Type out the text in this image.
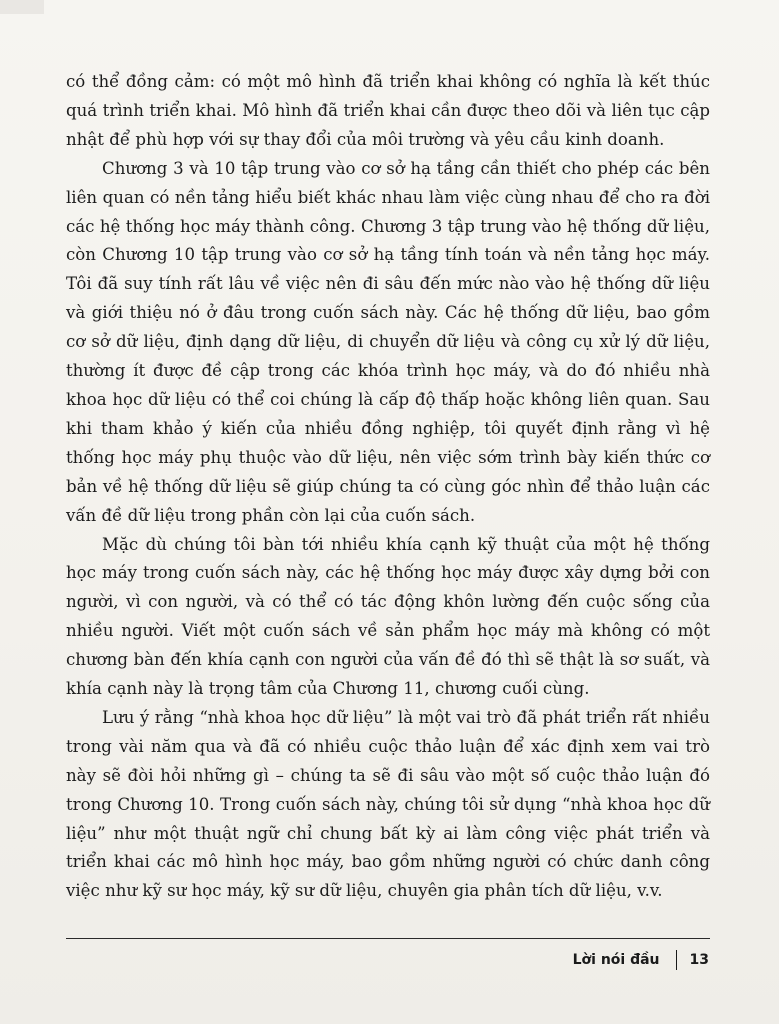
có thể đồng cảm: có một mô hình đã triển khai không có nghĩa là kết thúc quá trình triển khai. Mô hình đã triển khai cần được theo dõi và liên tục cập nhật để phù hợp với sự thay đổi của môi trường và yêu cầu kinh doanh.

Chương 3 và 10 tập trung vào cơ sở hạ tầng cần thiết cho phép các bên liên quan có nền tảng hiểu biết khác nhau làm việc cùng nhau để cho ra đời các hệ thống học máy thành công. Chương 3 tập trung vào hệ thống dữ liệu, còn Chương 10 tập trung vào cơ sở hạ tầng tính toán và nền tảng học máy. Tôi đã suy tính rất lâu về việc nên đi sâu đến mức nào vào hệ thống dữ liệu và giới thiệu nó ở đâu trong cuốn sách này. Các hệ thống dữ liệu, bao gồm cơ sở dữ liệu, định dạng dữ liệu, di chuyển dữ liệu và công cụ xử lý dữ liệu, thường ít được đề cập trong các khóa trình học máy, và do đó nhiều nhà khoa học dữ liệu có thể coi chúng là cấp độ thấp hoặc không liên quan. Sau khi tham khảo ý kiến của nhiều đồng nghiệp, tôi quyết định rằng vì hệ thống học máy phụ thuộc vào dữ liệu, nên việc sớm trình bày kiến thức cơ bản về hệ thống dữ liệu sẽ giúp chúng ta có cùng góc nhìn để thảo luận các vấn đề dữ liệu trong phần còn lại của cuốn sách.

Mặc dù chúng tôi bàn tới nhiều khía cạnh kỹ thuật của một hệ thống học máy trong cuốn sách này, các hệ thống học máy được xây dựng bởi con người, vì con người, và có thể có tác động khôn lường đến cuộc sống của nhiều người. Viết một cuốn sách về sản phẩm học máy mà không có một chương bàn đến khía cạnh con người của vấn đề đó thì sẽ thật là sơ suất, và khía cạnh này là trọng tâm của Chương 11, chương cuối cùng.

Lưu ý rằng “nhà khoa học dữ liệu” là một vai trò đã phát triển rất nhiều trong vài năm qua và đã có nhiều cuộc thảo luận để xác định xem vai trò này sẽ đòi hỏi những gì – chúng ta sẽ đi sâu vào một số cuộc thảo luận đó trong Chương 10. Trong cuốn sách này, chúng tôi sử dụng “nhà khoa học dữ liệu” như một thuật ngữ chỉ chung bất kỳ ai làm công việc phát triển và triển khai các mô hình học máy, bao gồm những người có chức danh công việc như kỹ sư học máy, kỹ sư dữ liệu, chuyên gia phân tích dữ liệu, v.v.

Lời nói đầu 13
